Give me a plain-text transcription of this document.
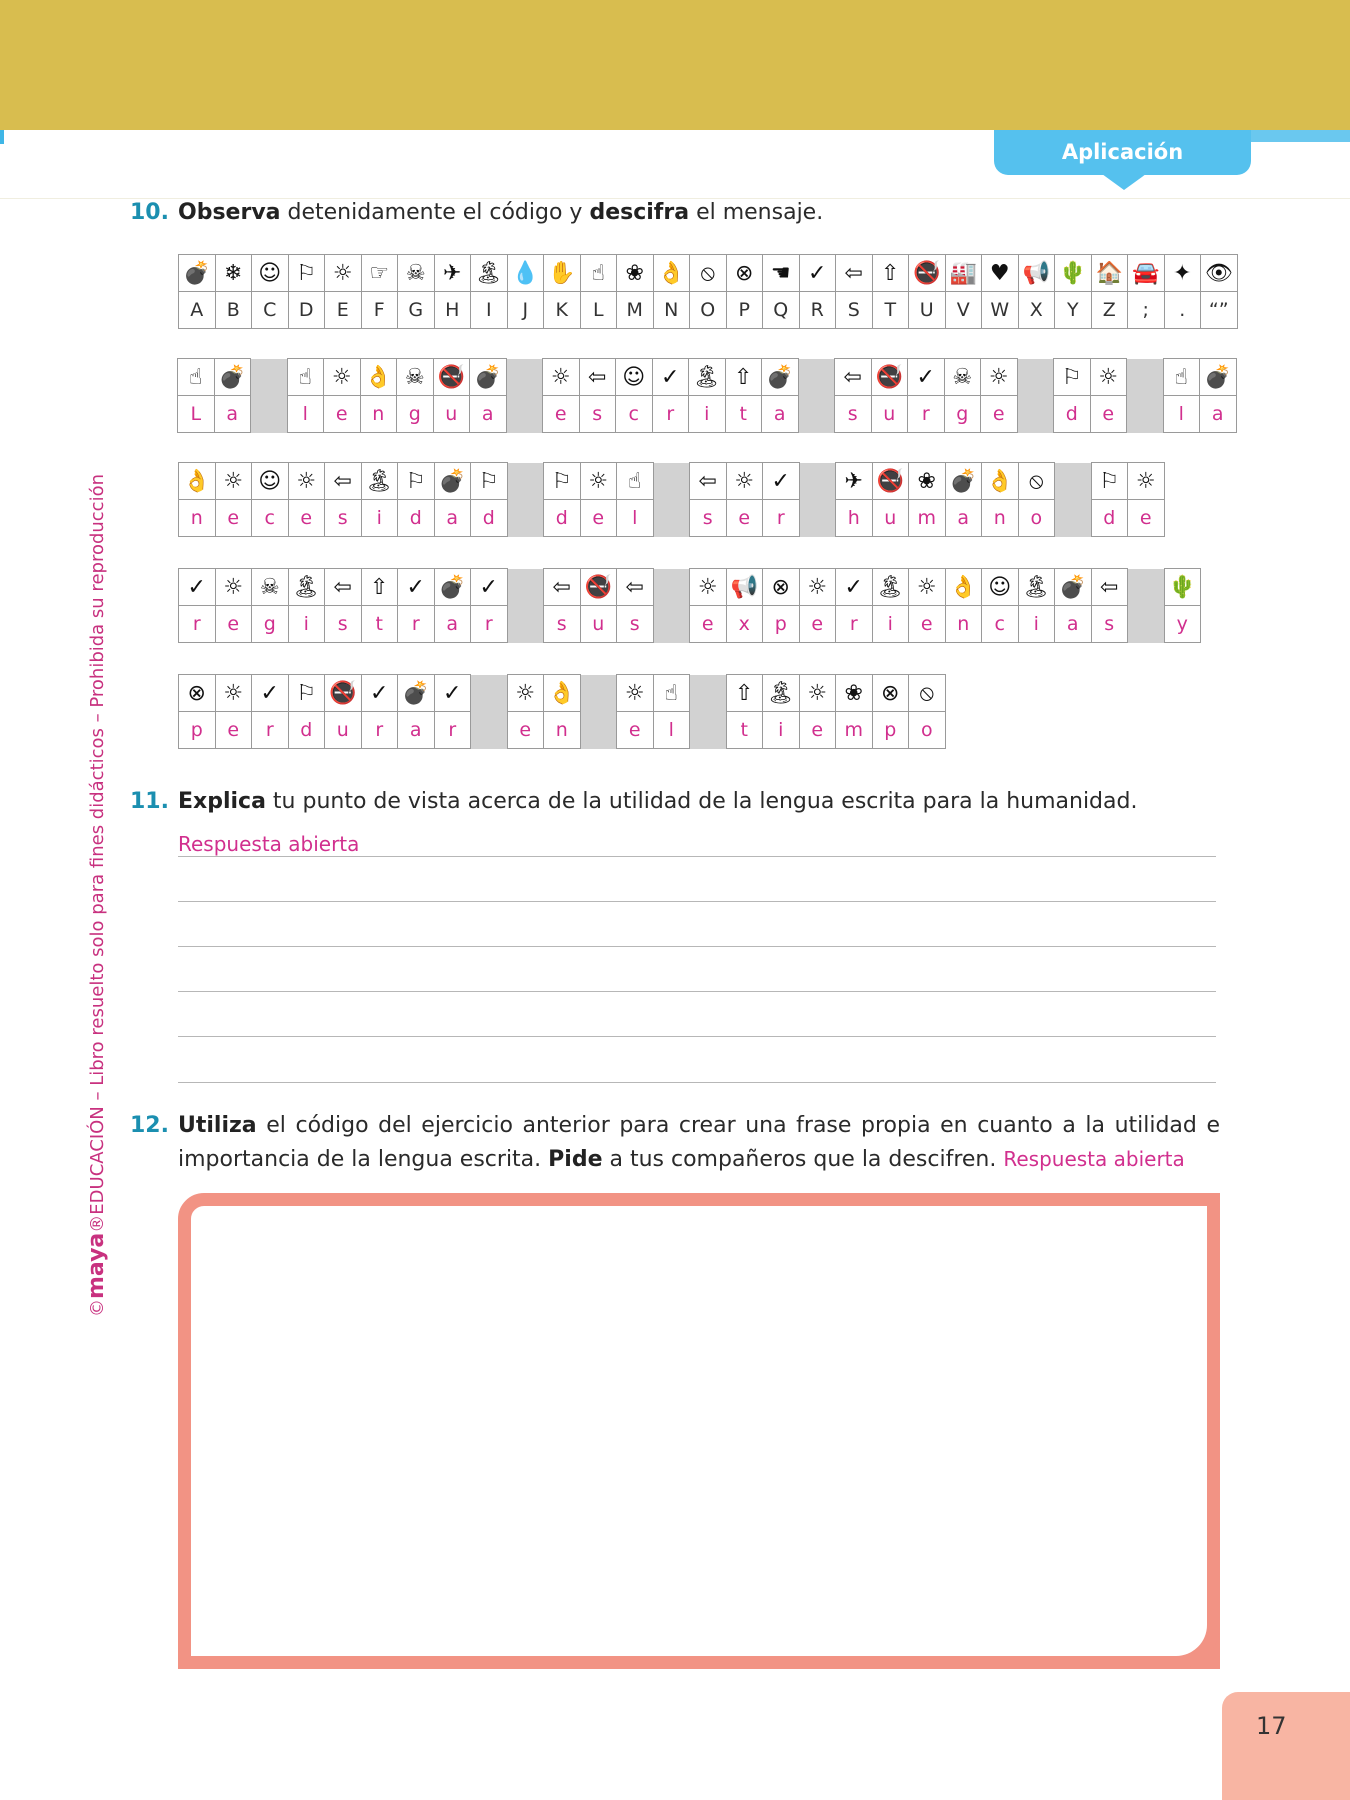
Aplicación
©maya®EDUCACIÓN – Libro resuelto solo para fines didácticos – Prohibida su reproducción
10. Observa detenidamente el código y descifra el mensaje.
💣	❄	☺	⚐	☼	☞	☠	✈	🏝	💧	✋	☝	❀	👌	⦸	⊗	☚	✓	⇦	⇧	🚭	🏭	♥	📢	🌵	🏠	🚘	✦	👁
A	B	C	D	E	F	G	H	I	J	K	L	M	N	O	P	Q	R	S	T	U	V	W	X	Y	Z	;	.	“”
☝	💣		☝	☼	👌	☠	🚭	💣		☼	⇦	☺	✓	🏝	⇧	💣		⇦	🚭	✓	☠	☼		⚐	☼		☝	💣
L	a		l	e	n	g	u	a		e	s	c	r	i	t	a		s	u	r	g	e		d	e		l	a
👌	☼	☺	☼	⇦	🏝	⚐	💣	⚐		⚐	☼	☝		⇦	☼	✓		✈	🚭	❀	💣	👌	⦸		⚐	☼
n	e	c	e	s	i	d	a	d		d	e	l		s	e	r		h	u	m	a	n	o		d	e
✓	☼	☠	🏝	⇦	⇧	✓	💣	✓		⇦	🚭	⇦		☼	📢	⊗	☼	✓	🏝	☼	👌	☺	🏝	💣	⇦		🌵
r	e	g	i	s	t	r	a	r		s	u	s		e	x	p	e	r	i	e	n	c	i	a	s		y
⊗	☼	✓	⚐	🚭	✓	💣	✓		☼	👌		☼	☝		⇧	🏝	☼	❀	⊗	⦸
p	e	r	d	u	r	a	r		e	n		e	l		t	i	e	m	p	o
11. Explica tu punto de vista acerca de la utilidad de la lengua escrita para la humanidad.
Respuesta abierta
12. Utiliza el código del ejercicio anterior para crear una frase propia en cuanto a la utilidad e
importancia de la lengua escrita. Pide a tus compañeros que la descifren. Respuesta abierta
17
